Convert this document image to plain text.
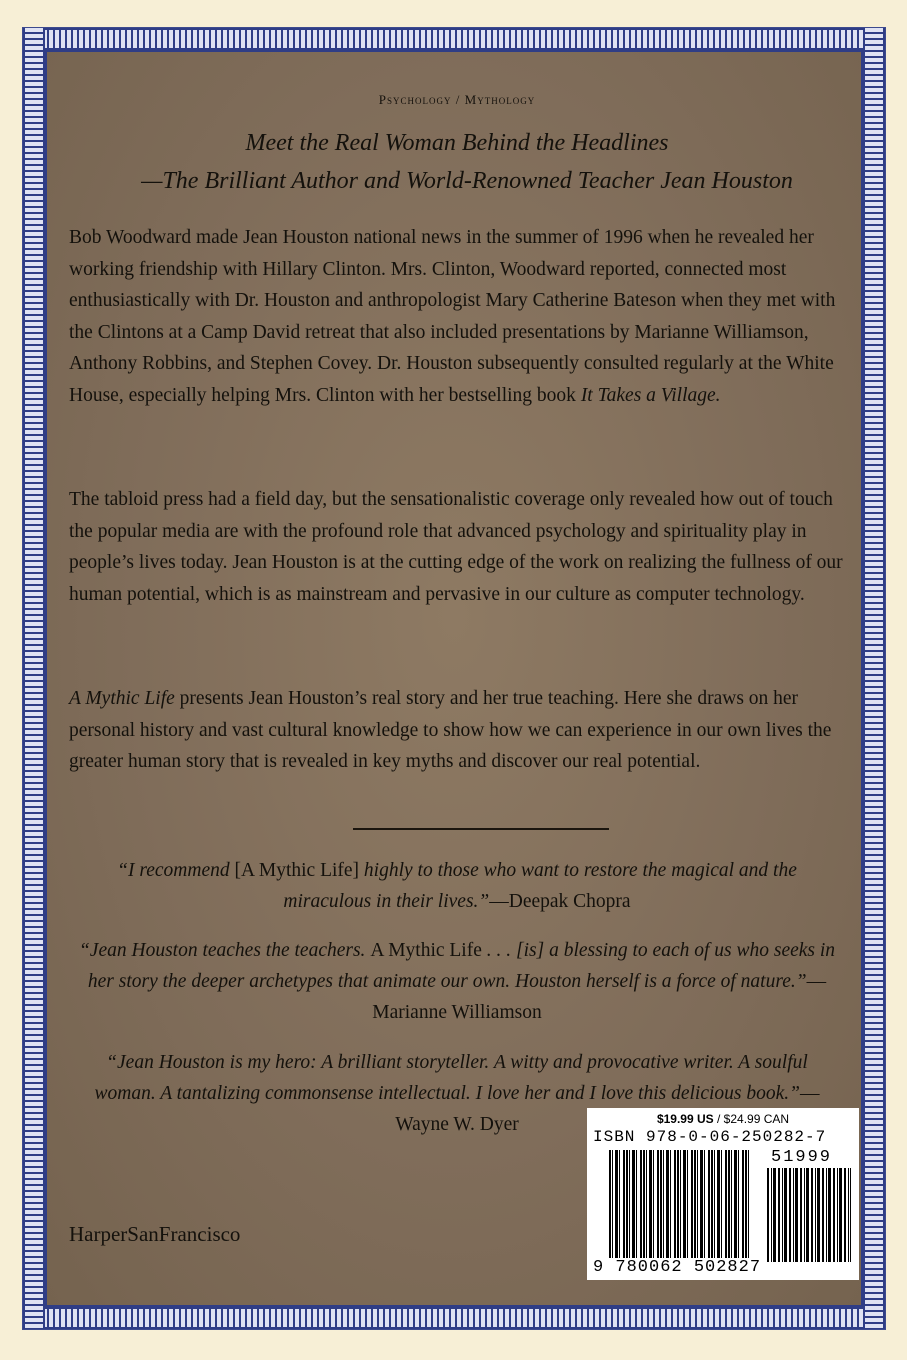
Psychology / Mythology
Meet the Real Woman Behind the Headlines
—The Brilliant Author and World-Renowned Teacher Jean Houston
Bob Woodward made Jean Houston national news in the summer of 1996 when he revealed her working friendship with Hillary Clinton. Mrs. Clinton, Woodward reported, connected most enthusiastically with Dr. Houston and anthropologist Mary Catherine Bateson when they met with the Clintons at a Camp David retreat that also included presentations by Marianne Williamson, Anthony Robbins, and Stephen Covey. Dr. Houston subsequently consulted regularly at the White House, especially helping Mrs. Clinton with her bestselling book It Takes a Village.
The tabloid press had a field day, but the sensationalistic coverage only revealed how out of touch the popular media are with the profound role that advanced psychology and spirituality play in people’s lives today. Jean Houston is at the cutting edge of the work on realizing the fullness of our human potential, which is as mainstream and pervasive in our culture as computer technology.
A Mythic Life presents Jean Houston’s real story and her true teaching. Here she draws on her personal history and vast cultural knowledge to show how we can experience in our own lives the greater human story that is revealed in key myths and discover our real potential.
“I recommend [A Mythic Life] highly to those who want to restore the magical and the miraculous in their lives.”—Deepak Chopra
“Jean Houston teaches the teachers. A Mythic Life . . . [is] a blessing to each of us who seeks in her story the deeper archetypes that animate our own. Houston herself is a force of nature.”—Marianne Williamson
“Jean Houston is my hero: A brilliant storyteller. A witty and provocative writer. A soulful woman. A tantalizing commonsense intellectual. I love her and I love this delicious book.”—Wayne W. Dyer
HarperSanFrancisco
$19.99 US / $24.99 CAN
ISBN 978-0-06-250282-7
51999
9 780062 502827
